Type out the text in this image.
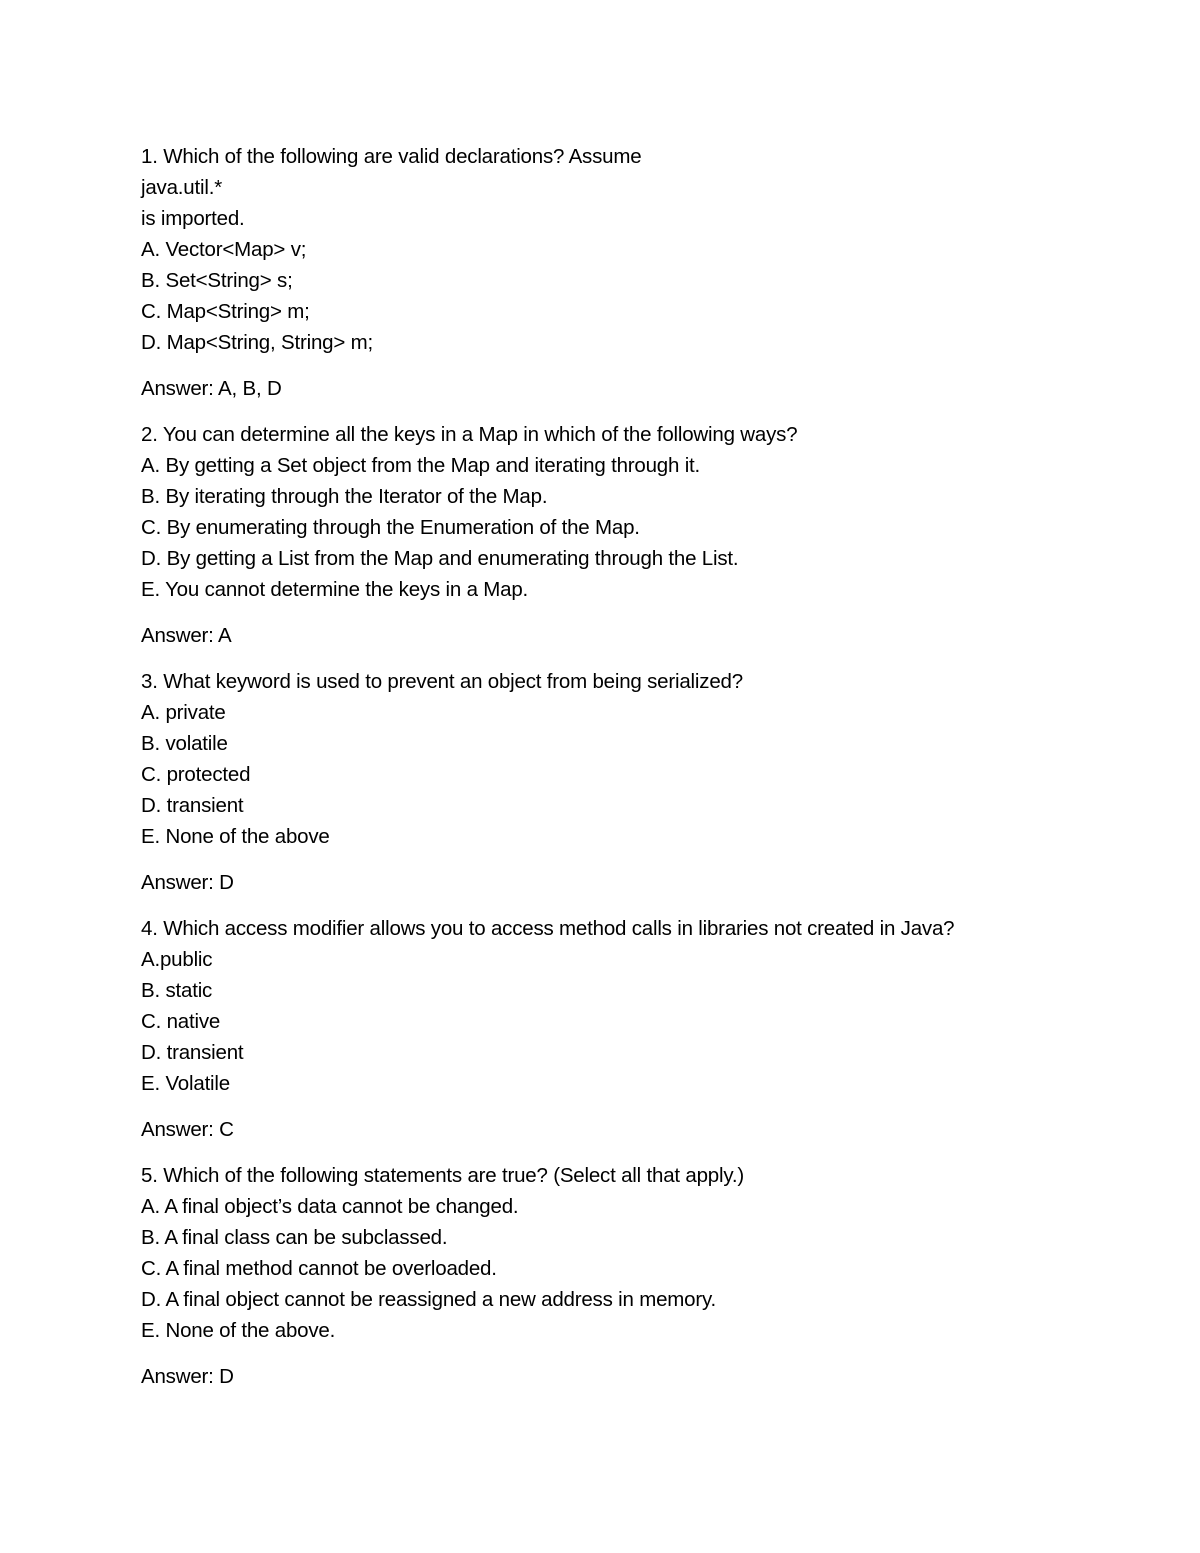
1. Which of the following are valid declarations? Assume
java.util.*
is imported.
A. Vector<Map> v;
B. Set<String> s;
C. Map<String> m;
D. Map<String, String> m;
Answer: A, B, D
2. You can determine all the keys in a Map in which of the following ways?
A. By getting a Set object from the Map and iterating through it.
B. By iterating through the Iterator of the Map.
C. By enumerating through the Enumeration of the Map.
D. By getting a List from the Map and enumerating through the List.
E. You cannot determine the keys in a Map.
Answer: A
3. What keyword is used to prevent an object from being serialized?
A. private
B. volatile
C. protected
D. transient
E. None of the above
Answer: D
4. Which access modifier allows you to access method calls in libraries not created in Java?
A.public
B. static
C. native
D. transient
E. Volatile
Answer: C
5. Which of the following statements are true? (Select all that apply.)
A. A final object’s data cannot be changed.
B. A final class can be subclassed.
C. A final method cannot be overloaded.
D. A final object cannot be reassigned a new address in memory.
E. None of the above.
Answer: D
